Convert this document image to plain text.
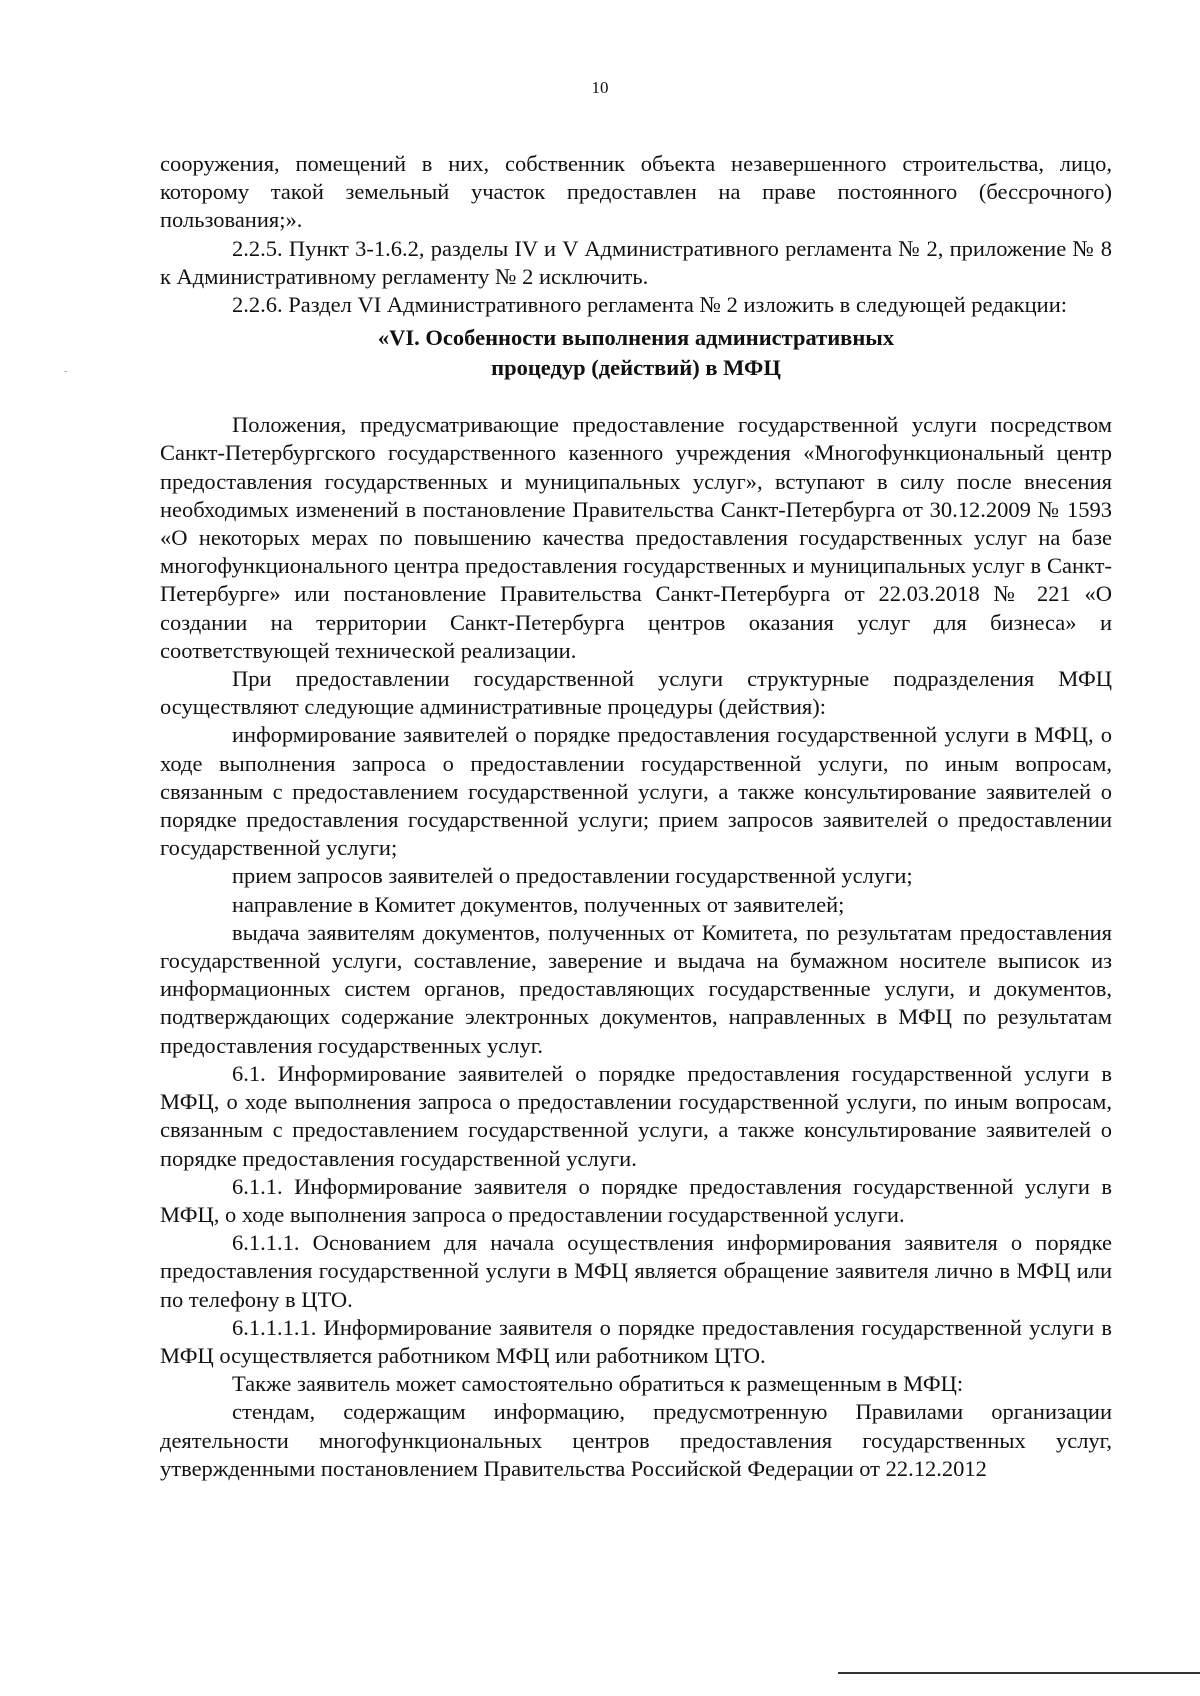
10
-

сооружения, помещений в них, собственник объекта незавершенного строительства, лицо, которому такой земельный участок предоставлен на праве постоянного (бессрочного) пользования;».

2.2.5. Пункт 3-1.6.2, разделы IV и V Административного регламента № 2, приложение № 8 к Административному регламенту № 2 исключить.

2.2.6. Раздел VI Административного регламента № 2 изложить в следующей редакции:

«VI. Особенности выполнения административных
процедур (действий) в МФЦ

Положения, предусматривающие предоставление государственной услуги посредством Санкт-Петербургского государственного казенного учреждения «Многофункциональный центр предоставления государственных и муниципальных услуг», вступают в силу после внесения необходимых изменений в постановление Правительства Санкт-Петербурга от 30.12.2009 № 1593 «О некоторых мерах по повышению качества предоставления государственных услуг на базе многофункционального центра предоставления государственных и муниципальных услуг в Санкт-Петербурге» или постановление Правительства Санкт-Петербурга от 22.03.2018 № 221 «О создании на территории Санкт-Петербурга центров оказания услуг для бизнеса» и соответствующей технической реализации.

При предоставлении государственной услуги структурные подразделения МФЦ осуществляют следующие административные процедуры (действия):

информирование заявителей о порядке предоставления государственной услуги в МФЦ, о ходе выполнения запроса о предоставлении государственной услуги, по иным вопросам, связанным с предоставлением государственной услуги, а также консультирование заявителей о порядке предоставления государственной услуги; прием запросов заявителей о предоставлении государственной услуги;

прием запросов заявителей о предоставлении государственной услуги;

направление в Комитет документов, полученных от заявителей;

выдача заявителям документов, полученных от Комитета, по результатам предоставления государственной услуги, составление, заверение и выдача на бумажном носителе выписок из информационных систем органов, предоставляющих государственные услуги, и документов, подтверждающих содержание электронных документов, направленных в МФЦ по результатам предоставления государственных услуг.

6.1. Информирование заявителей о порядке предоставления государственной услуги в МФЦ, о ходе выполнения запроса о предоставлении государственной услуги, по иным вопросам, связанным с предоставлением государственной услуги, а также консультирование заявителей о порядке предоставления государственной услуги.

6.1.1. Информирование заявителя о порядке предоставления государственной услуги в МФЦ, о ходе выполнения запроса о предоставлении государственной услуги.

6.1.1.1. Основанием для начала осуществления информирования заявителя о порядке предоставления государственной услуги в МФЦ является обращение заявителя лично в МФЦ или по телефону в ЦТО.

6.1.1.1.1. Информирование заявителя о порядке предоставления государственной услуги в МФЦ осуществляется работником МФЦ или работником ЦТО.

Также заявитель может самостоятельно обратиться к размещенным в МФЦ:

стендам, содержащим информацию, предусмотренную Правилами организации деятельности многофункциональных центров предоставления государственных услуг, утвержденными постановлением Правительства Российской Федерации от 22.12.2012
